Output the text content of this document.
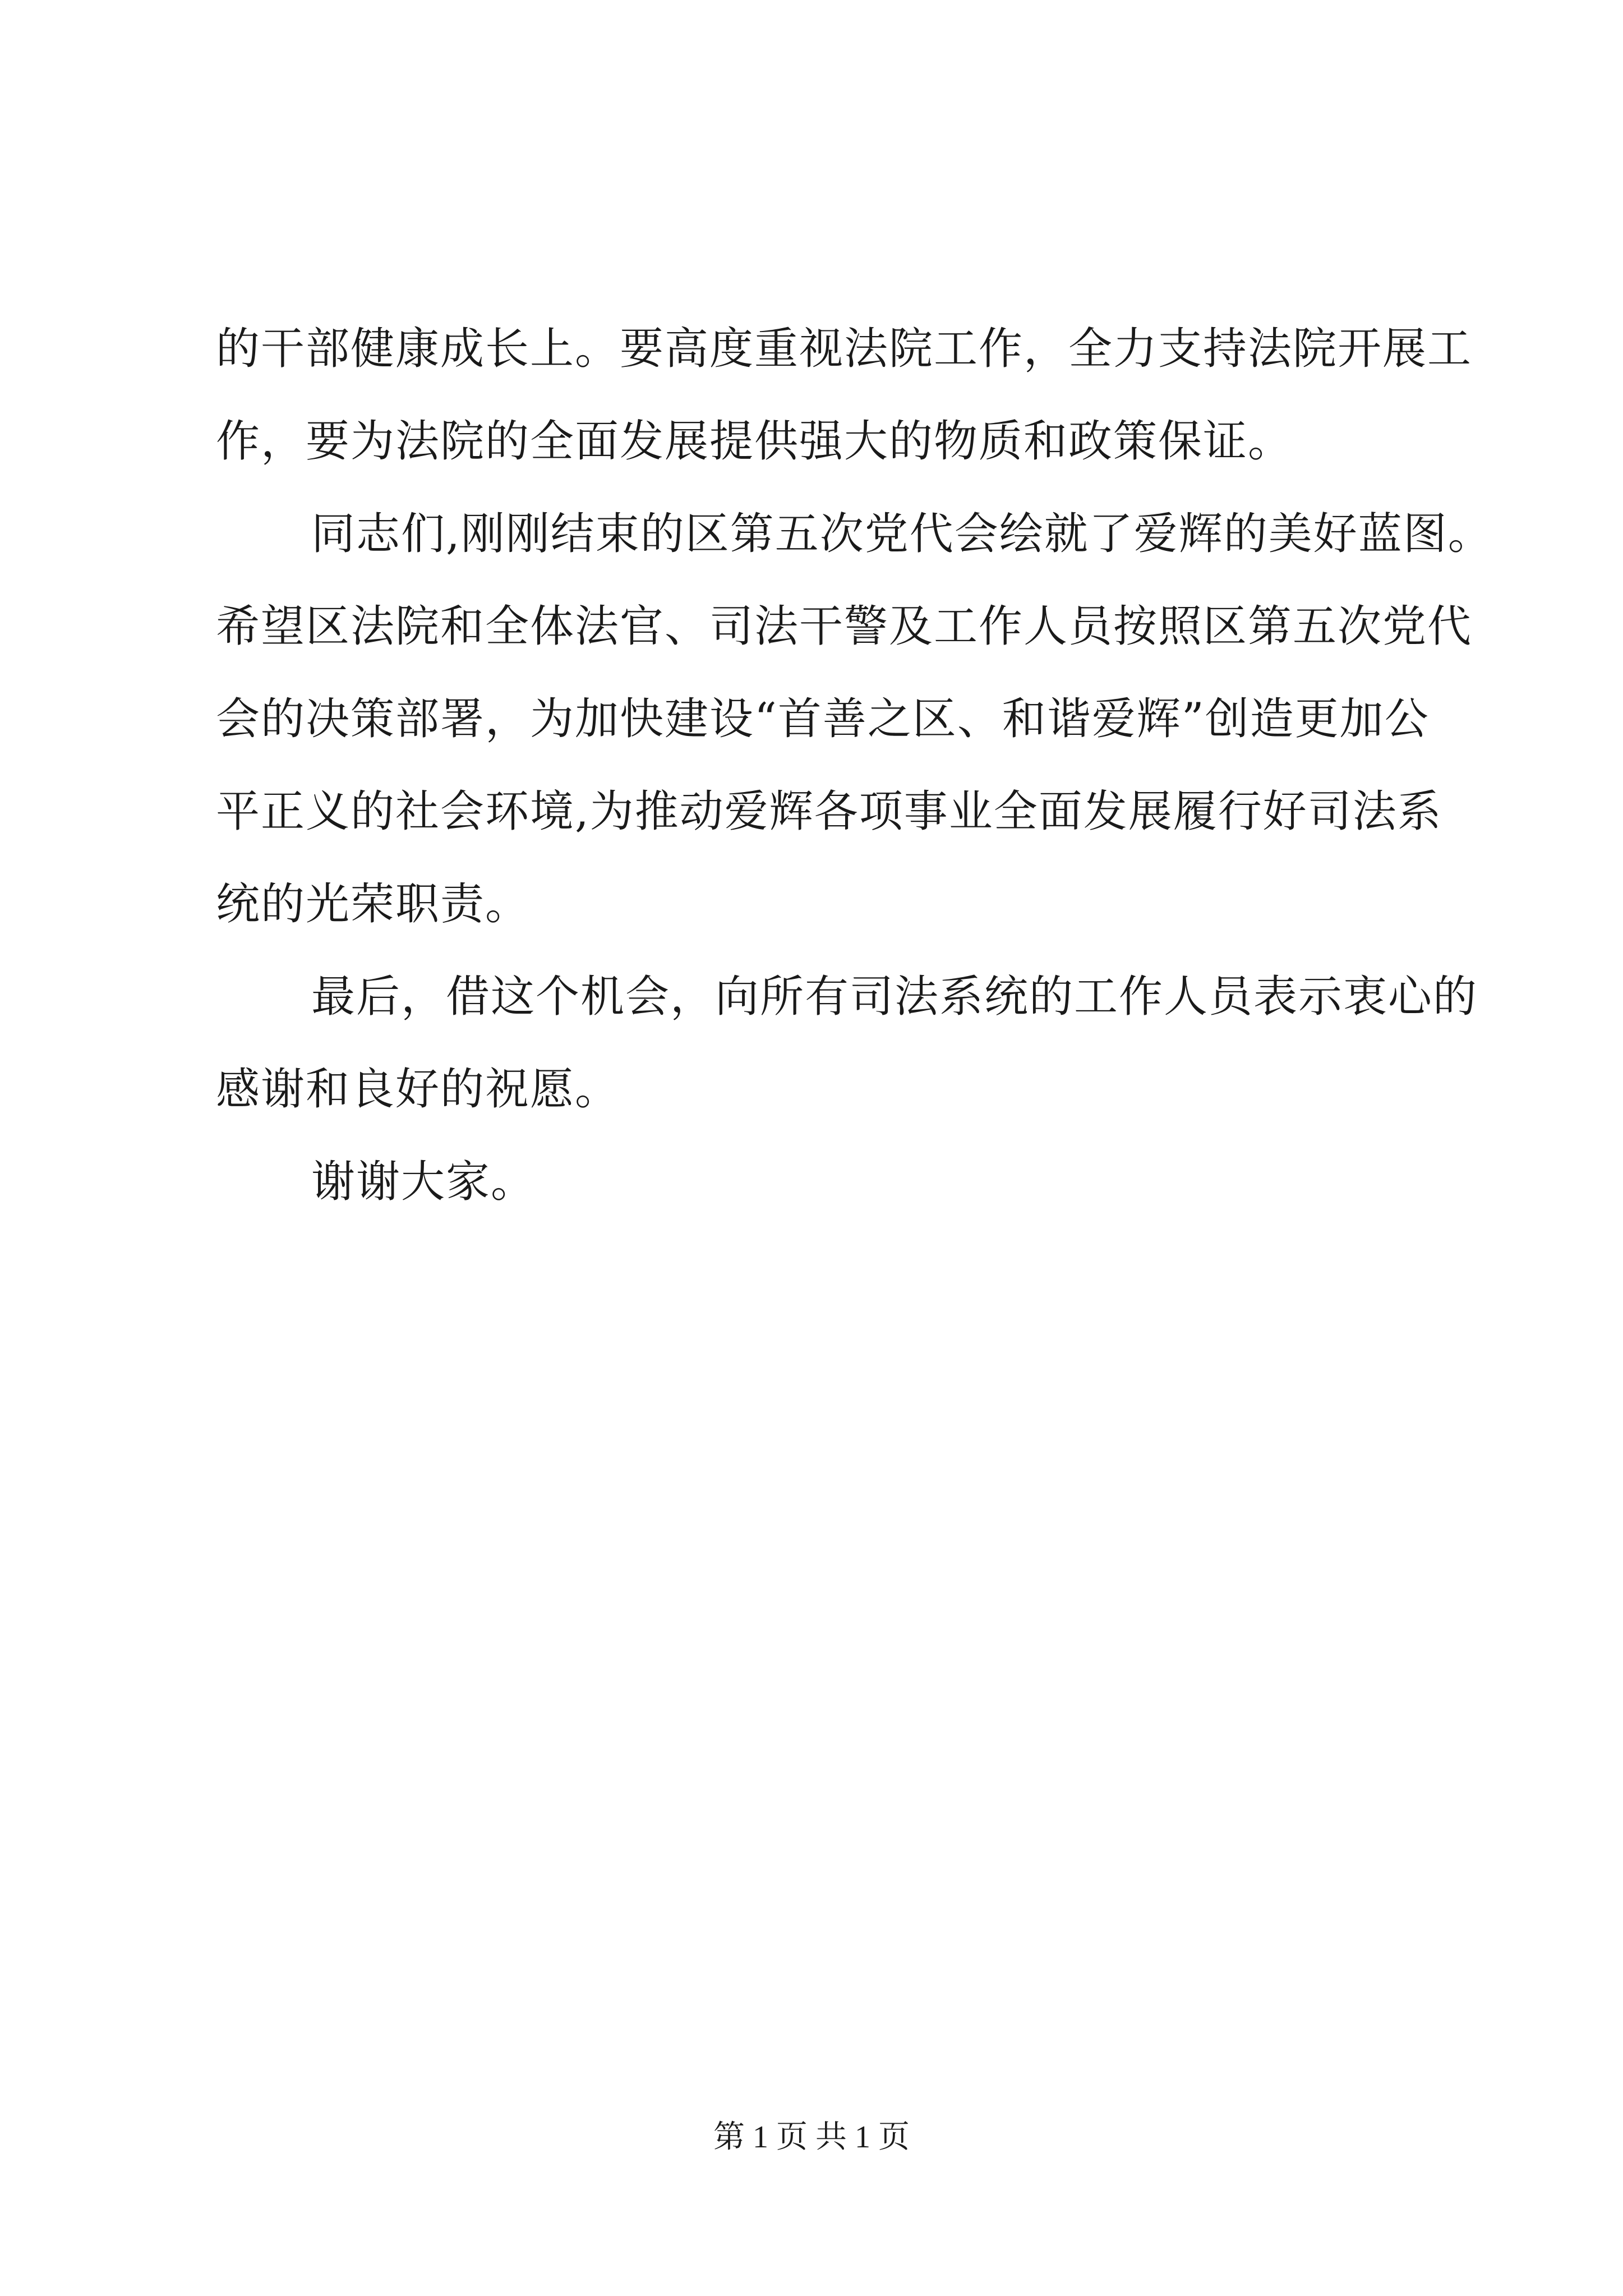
的干部健康成长上。要高度重视法院工作，全力支持法院开展工
作，要为法院的全面发展提供强大的物质和政策保证。
同志们,刚刚结束的区第五次党代会绘就了爱辉的美好蓝图。
希望区法院和全体法官、司法干警及工作人员按照区第五次党代
会的决策部署，为加快建设“首善之区、和谐爱辉”创造更加公
平正义的社会环境,为推动爱辉各项事业全面发展履行好司法系
统的光荣职责。
最后，借这个机会，向所有司法系统的工作人员表示衷心的
感谢和良好的祝愿。
谢谢大家。
第 1 页 共 1 页
